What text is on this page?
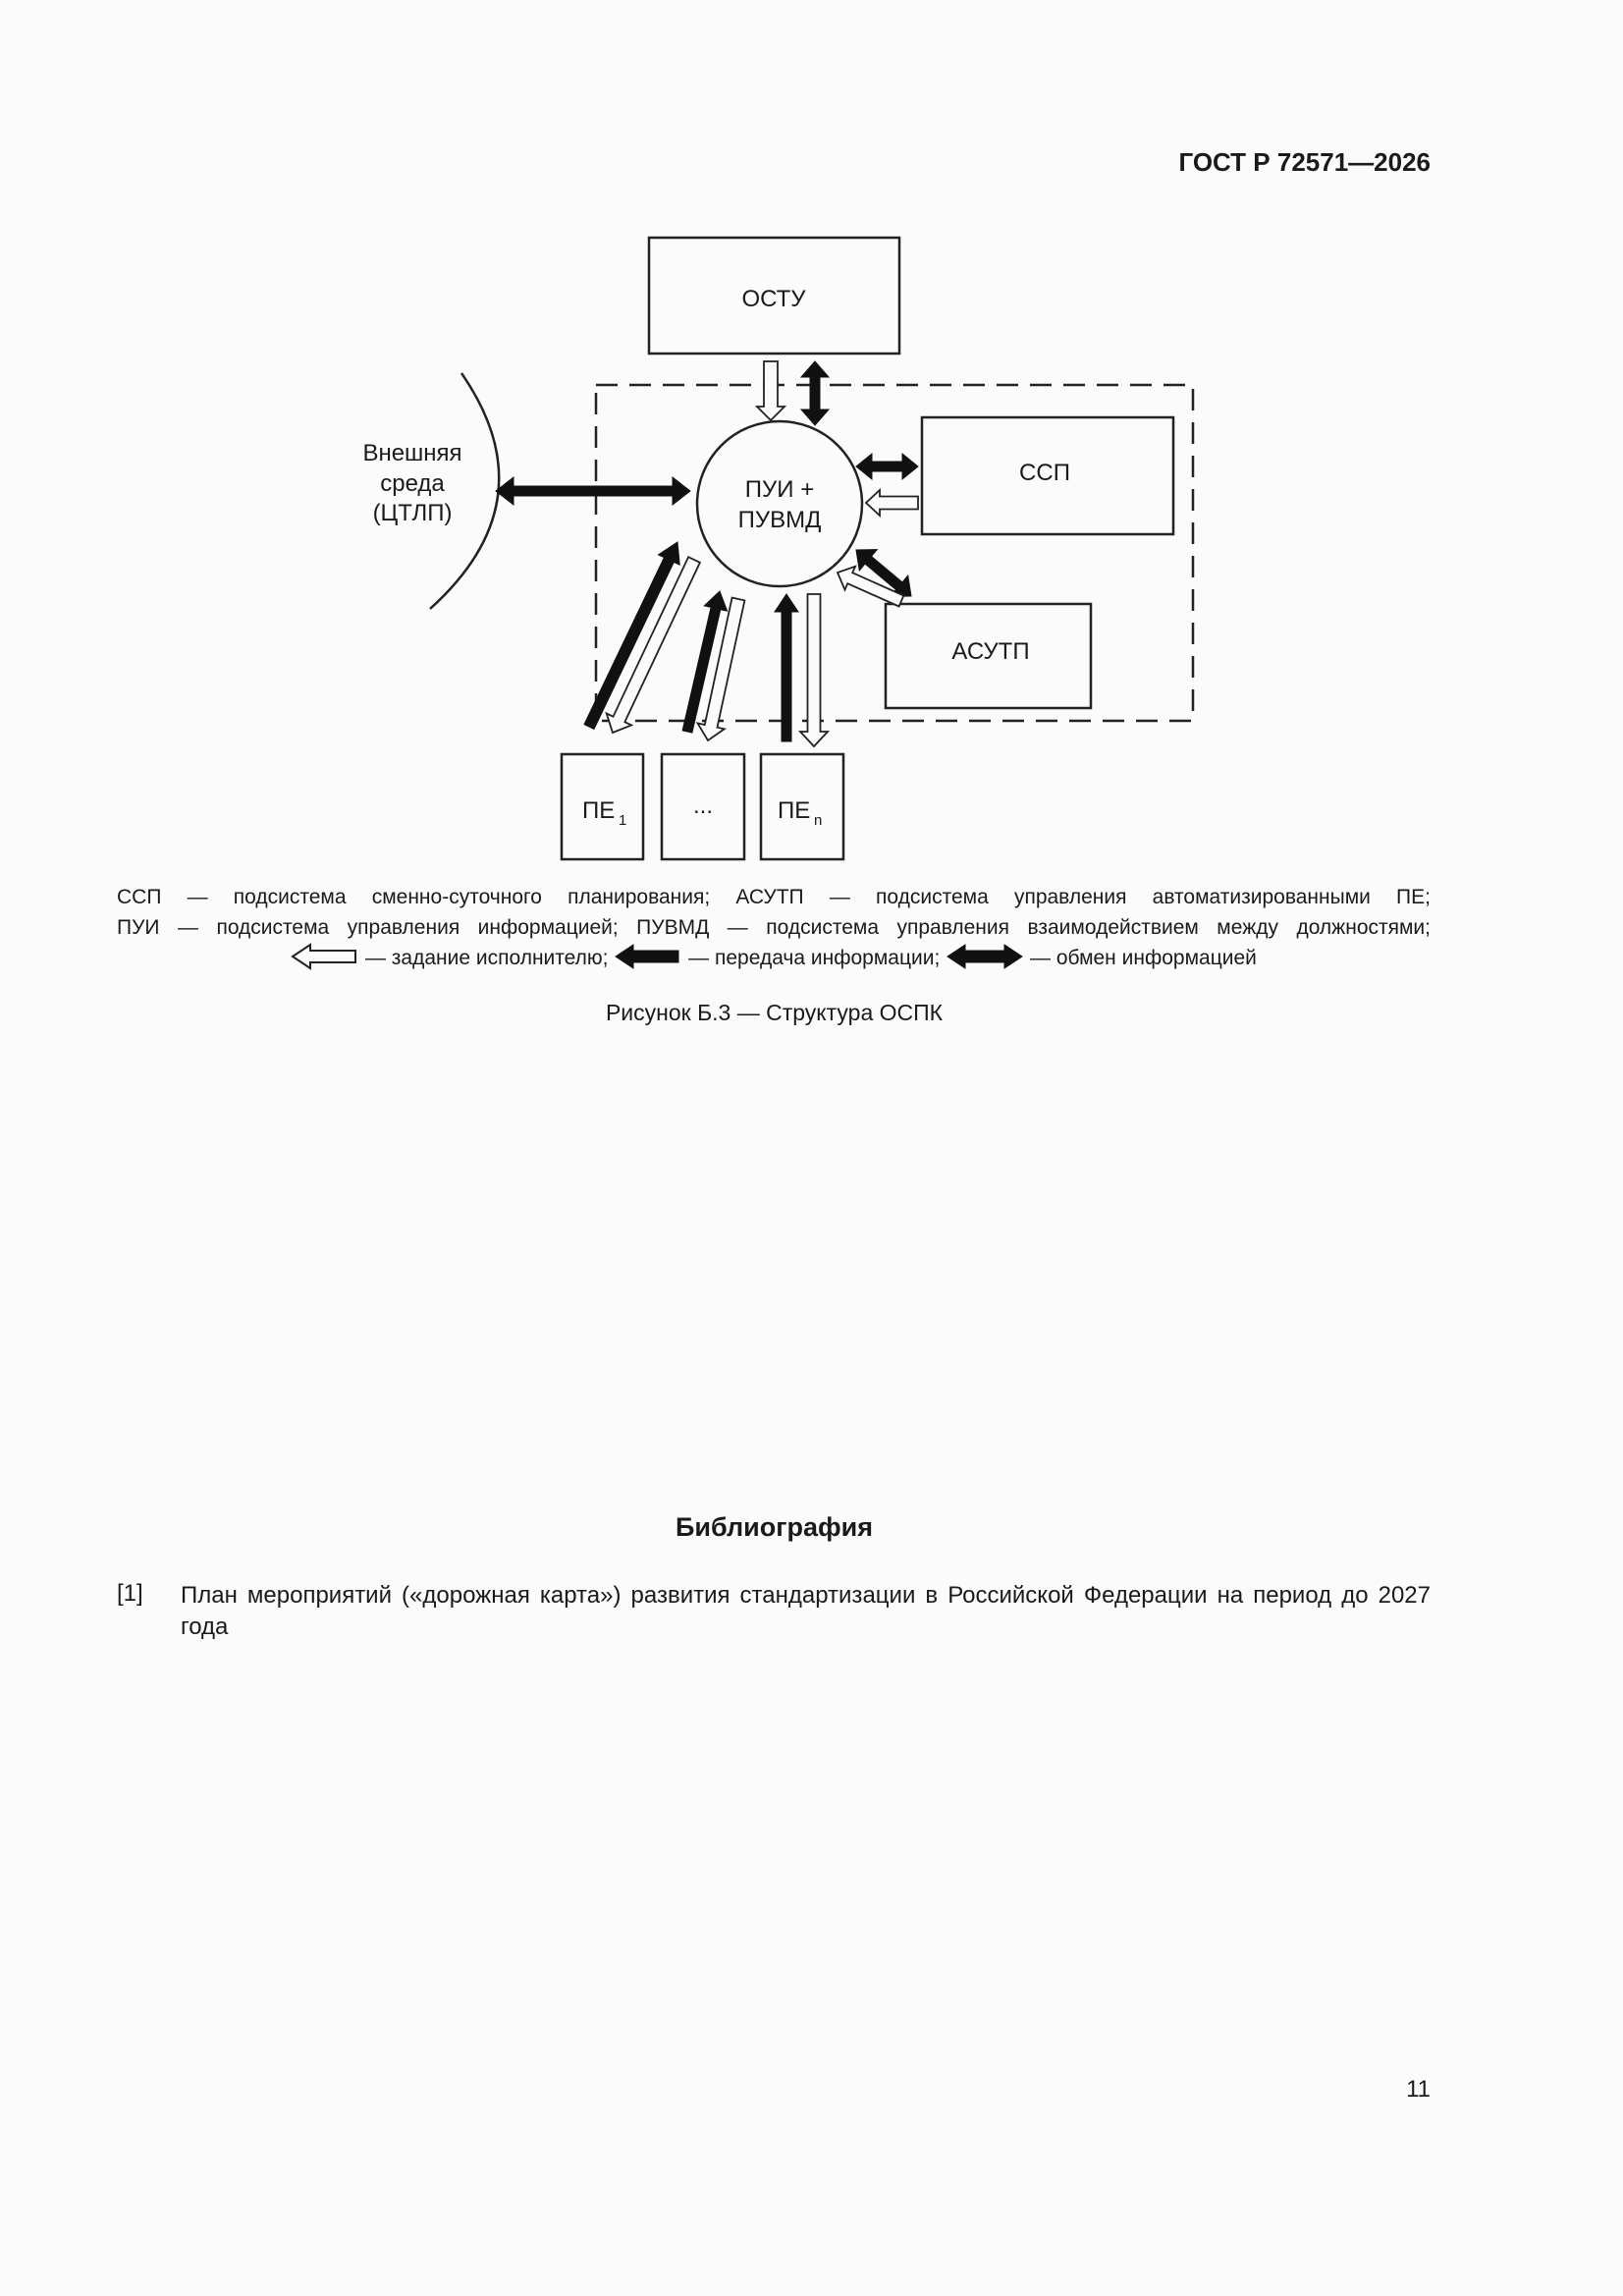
ГОСТ Р 72571—2026
ОСТУ
ССП
АСУТП
ПУИ +
ПУВМД
Внешняя
среда
(ЦТЛП)
ПЕ 1
...	ПЕ n
ССП — подсистема сменно-суточного планирования; АСУТП — подсистема управления автоматизированными ПЕ;
ПУИ — подсистема управления информацией; ПУВМД — подсистема управления взаимодействием между должностями;
— задание исполнителю;	— передача информации;	— обмен информацией
Рисунок Б.3 — Структура ОСПК
Библиография
[1] План мероприятий («дорожная карта») развития стандартизации в Российской Федерации на период до 2027 года
11
